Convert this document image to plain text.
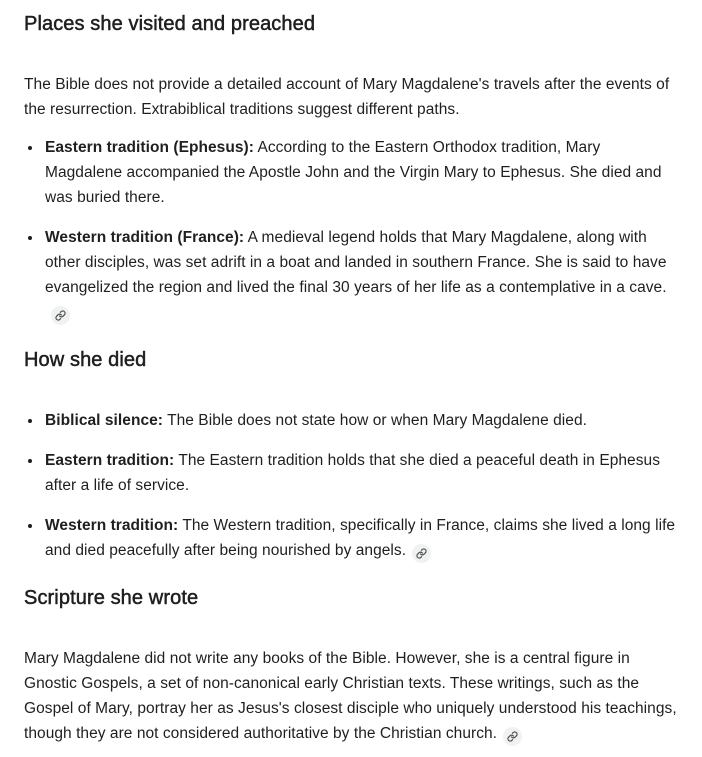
Places she visited and preached

The Bible does not provide a detailed account of Mary Magdalene's travels after the events of the resurrection. Extrabiblical traditions suggest different paths.

• Eastern tradition (Ephesus): According to the Eastern Orthodox tradition, Mary Magdalene accompanied the Apostle John and the Virgin Mary to Ephesus. She died and was buried there.
• Western tradition (France): A medieval legend holds that Mary Magdalene, along with other disciples, was set adrift in a boat and landed in southern France. She is said to have evangelized the region and lived the final 30 years of her life as a contemplative in a cave.
How she died
• Biblical silence: The Bible does not state how or when Mary Magdalene died.
• Eastern tradition: The Eastern tradition holds that she died a peaceful death in Ephesus after a life of service.
• Western tradition: The Western tradition, specifically in France, claims she lived a long life and died peacefully after being nourished by angels.
Scripture she wrote

Mary Magdalene did not write any books of the Bible. However, she is a central figure in Gnostic Gospels, a set of non-canonical early Christian texts. These writings, such as the Gospel of Mary, portray her as Jesus's closest disciple who uniquely understood his teachings, though they are not considered authoritative by the Christian church.
